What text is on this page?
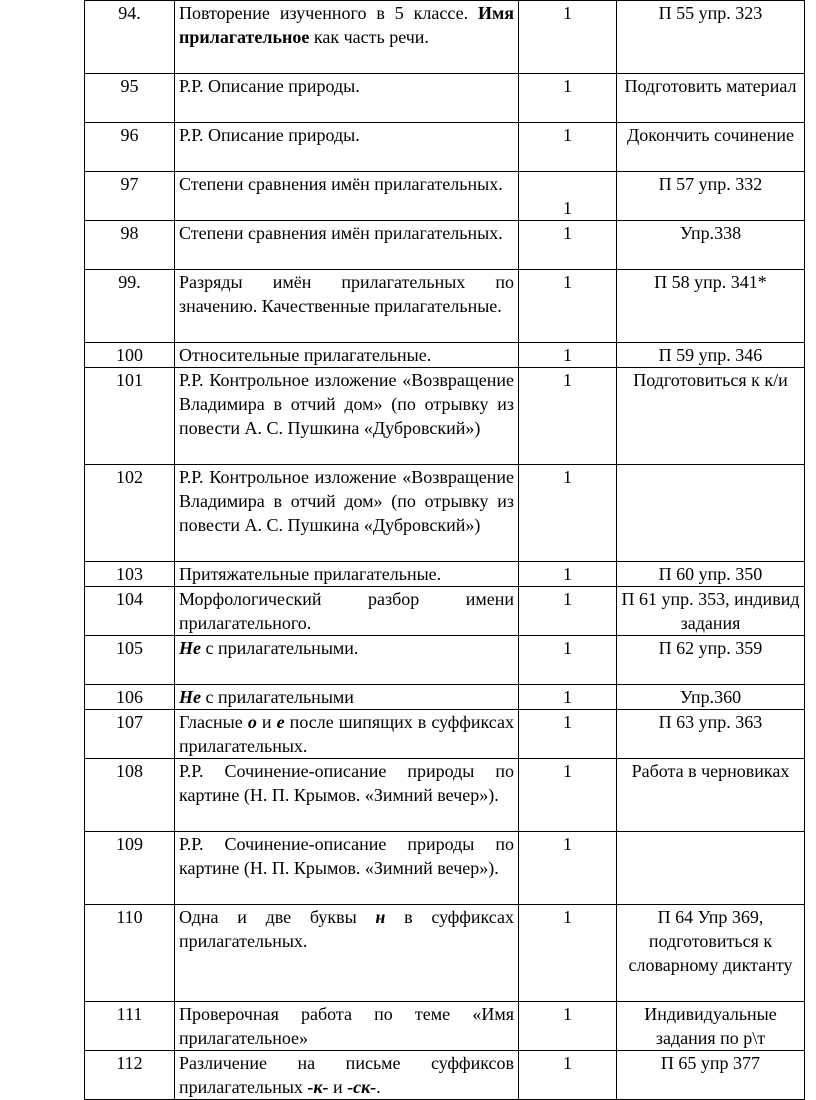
94.	Повторение изученного в 5 классе. Имя прилагательное как часть речи.	1	П 55 упр. 323
95	Р.Р. Описание природы.	1	Подготовить материал
96	Р.Р. Описание природы.	1	Докончить сочинение
97	Степени сравнения имён прилагательных.	1	П 57 упр. 332
98	Степени сравнения имён прилагательных.	1	Упр.338
99.	Разряды имён прилагательных по значению. Качественные прилагательные.	1	П 58 упр. 341*
100	Относительные прилагательные.	1	П 59 упр. 346
101	Р.Р. Контрольное изложение «Возвращение Владимира в отчий дом» (по отрывку из повести А. С. Пушкина «Дубровский»)	1	Подготовиться к к/и
102	Р.Р. Контрольное изложение «Возвращение Владимира в отчий дом» (по отрывку из повести А. С. Пушкина «Дубровский»)	1	
103	Притяжательные прилагательные.	1	П 60 упр. 350
104	Морфологический разбор имени прилагательного.	1	П 61 упр. 353, индивид задания
105	Не с прилагательными.	1	П 62 упр. 359
106	Не с прилагательными	1	Упр.360
107	Гласные о и е после шипящих в суффиксах прилагательных.	1	П 63 упр. 363
108	Р.Р. Сочинение-описание природы по картине (Н. П. Крымов. «Зимний вечер»).	1	Работа в черновиках
109	Р.Р. Сочинение-описание природы по картине (Н. П. Крымов. «Зимний вечер»).	1	
110	Одна и две буквы н в суффиксах прилагательных.	1	П 64 Упр 369, подготовиться к словарному диктанту
111	Проверочная работа по теме «Имя прилагательное»	1	Индивидуальные задания по р\т
112	Различение на письме суффиксов прилагательных -к- и -ск-.	1	П 65 упр 377
